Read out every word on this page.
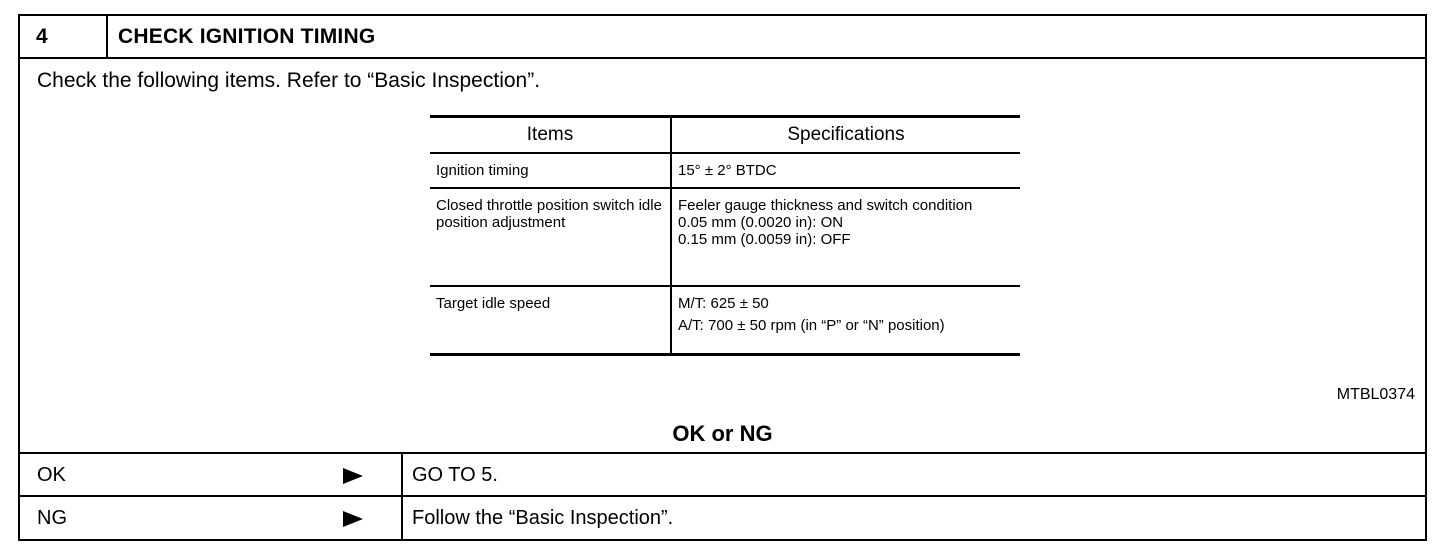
4	CHECK IGNITION TIMING
Check the following items. Refer to “Basic Inspection”.
Items	Specifications
Ignition timing	15° ± 2° BTDC

Closed throttle position switch idle position adjustment	Feeler gauge thickness and switch condition
0.05 mm (0.0020 in): ON
0.15 mm (0.0059 in): OFF

Target idle speed	M/T: 625 ± 50
A/T: 700 ± 50 rpm (in “P” or “N” position)
MTBL0374
OK or NG
OK	GO TO 5.
NG	Follow the “Basic Inspection”.
